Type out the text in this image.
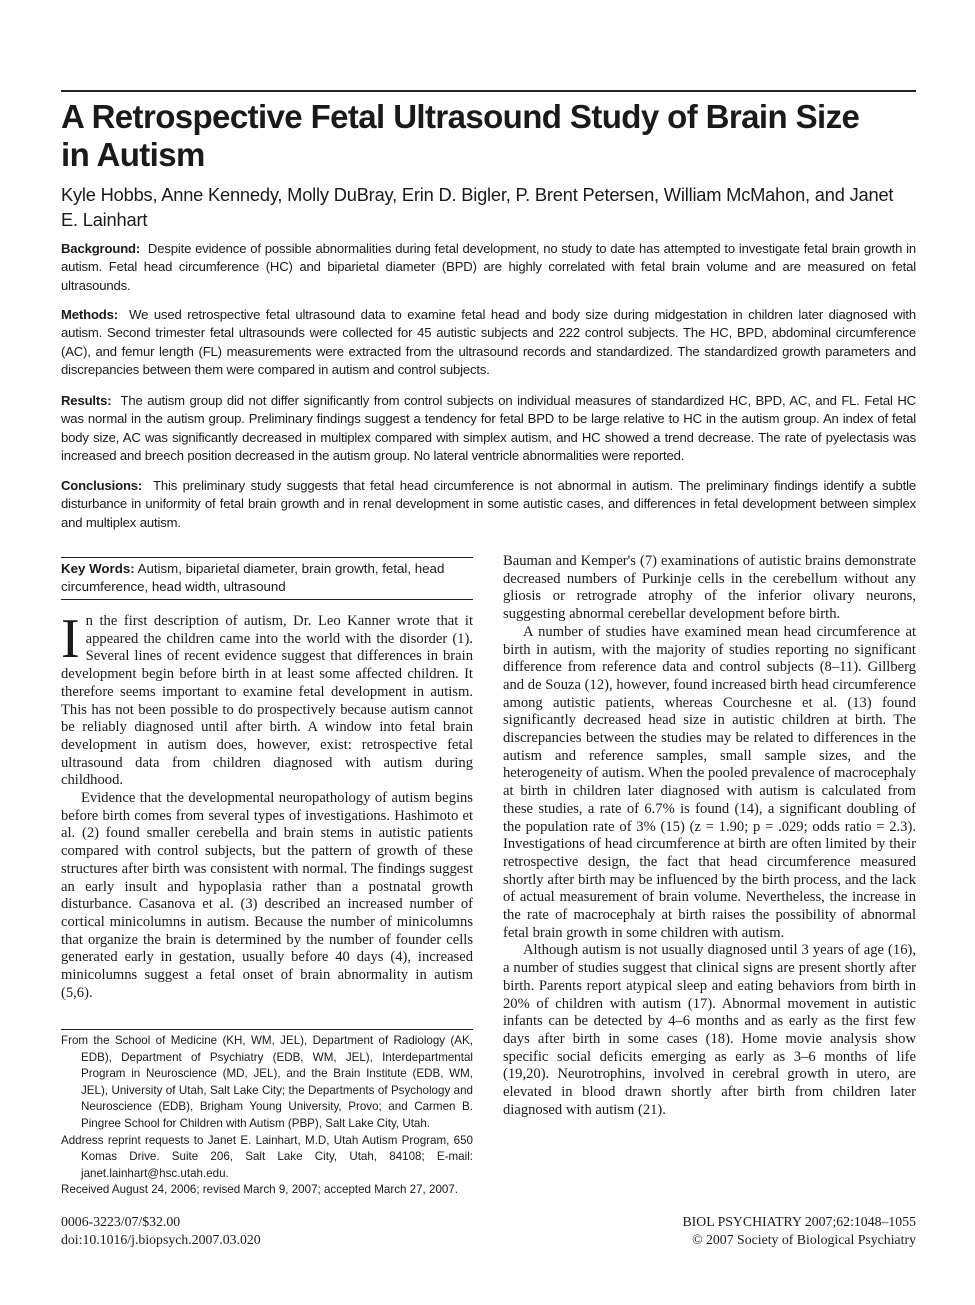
A Retrospective Fetal Ultrasound Study of Brain Size in Autism
Kyle Hobbs, Anne Kennedy, Molly DuBray, Erin D. Bigler, P. Brent Petersen, William McMahon, and Janet E. Lainhart
Background: Despite evidence of possible abnormalities during fetal development, no study to date has attempted to investigate fetal brain growth in autism. Fetal head circumference (HC) and biparietal diameter (BPD) are highly correlated with fetal brain volume and are measured on fetal ultrasounds.
Methods: We used retrospective fetal ultrasound data to examine fetal head and body size during midgestation in children later diagnosed with autism. Second trimester fetal ultrasounds were collected for 45 autistic subjects and 222 control subjects. The HC, BPD, abdominal circumference (AC), and femur length (FL) measurements were extracted from the ultrasound records and standardized. The standardized growth parameters and discrepancies between them were compared in autism and control subjects.
Results: The autism group did not differ significantly from control subjects on individual measures of standardized HC, BPD, AC, and FL. Fetal HC was normal in the autism group. Preliminary findings suggest a tendency for fetal BPD to be large relative to HC in the autism group. An index of fetal body size, AC was significantly decreased in multiplex compared with simplex autism, and HC showed a trend decrease. The rate of pyelectasis was increased and breech position decreased in the autism group. No lateral ventricle abnormalities were reported.
Conclusions: This preliminary study suggests that fetal head circumference is not abnormal in autism. The preliminary findings identify a subtle disturbance in uniformity of fetal brain growth and in renal development in some autistic cases, and differences in fetal development between simplex and multiplex autism.
Key Words: Autism, biparietal diameter, brain growth, fetal, head circumference, head width, ultrasound

In the first description of autism, Dr. Leo Kanner wrote that it appeared the children came into the world with the disorder (1). Several lines of recent evidence suggest that differences in brain development begin before birth in at least some affected children. It therefore seems important to examine fetal development in autism. This has not been possible to do prospectively because autism cannot be reliably diagnosed until after birth. A window into fetal brain development in autism does, however, exist: retrospective fetal ultrasound data from children diagnosed with autism during childhood.

Evidence that the developmental neuropathology of autism begins before birth comes from several types of investigations. Hashimoto et al. (2) found smaller cerebella and brain stems in autistic patients compared with control subjects, but the pattern of growth of these structures after birth was consistent with normal. The findings suggest an early insult and hypoplasia rather than a postnatal growth disturbance. Casanova et al. (3) described an increased number of cortical minicolumns in autism. Because the number of minicolumns that organize the brain is determined by the number of founder cells generated early in gestation, usually before 40 days (4), increased minicolumns suggest a fetal onset of brain abnormality in autism (5,6).

Bauman and Kemper's (7) examinations of autistic brains demonstrate decreased numbers of Purkinje cells in the cerebellum without any gliosis or retrograde atrophy of the inferior olivary neurons, suggesting abnormal cerebellar development before birth.

A number of studies have examined mean head circumference at birth in autism, with the majority of studies reporting no significant difference from reference data and control subjects (8–11). Gillberg and de Souza (12), however, found increased birth head circumference among autistic patients, whereas Courchesne et al. (13) found significantly decreased head size in autistic children at birth. The discrepancies between the studies may be related to differences in the autism and reference samples, small sample sizes, and the heterogeneity of autism. When the pooled prevalence of macrocephaly at birth in children later diagnosed with autism is calculated from these studies, a rate of 6.7% is found (14), a significant doubling of the population rate of 3% (15) (z = 1.90; p = .029; odds ratio = 2.3). Investigations of head circumference at birth are often limited by their retrospective design, the fact that head circumference measured shortly after birth may be influenced by the birth process, and the lack of actual measurement of brain volume. Nevertheless, the increase in the rate of macrocephaly at birth raises the possibility of abnormal fetal brain growth in some children with autism.

Although autism is not usually diagnosed until 3 years of age (16), a number of studies suggest that clinical signs are present shortly after birth. Parents report atypical sleep and eating behaviors from birth in 20% of children with autism (17). Abnormal movement in autistic infants can be detected by 4–6 months and as early as the first few days after birth in some cases (18). Home movie analysis show specific social deficits emerging as early as 3–6 months of life (19,20). Neurotrophins, involved in cerebral growth in utero, are elevated in blood drawn shortly after birth from children later diagnosed with autism (21).

From the School of Medicine (KH, WM, JEL), Department of Radiology (AK, EDB), Department of Psychiatry (EDB, WM, JEL), Interdepartmental Program in Neuroscience (MD, JEL), and the Brain Institute (EDB, WM, JEL), University of Utah, Salt Lake City; the Departments of Psychology and Neuroscience (EDB), Brigham Young University, Provo; and Carmen B. Pingree School for Children with Autism (PBP), Salt Lake City, Utah.

Address reprint requests to Janet E. Lainhart, M.D, Utah Autism Program, 650 Komas Drive. Suite 206, Salt Lake City, Utah, 84108; E-mail: janet.lainhart@hsc.utah.edu.

Received August 24, 2006; revised March 9, 2007; accepted March 27, 2007.

0006-3223/07/$32.00
doi:10.1016/j.biopsych.2007.03.020
BIOL PSYCHIATRY 2007;62:1048–1055
© 2007 Society of Biological Psychiatry
